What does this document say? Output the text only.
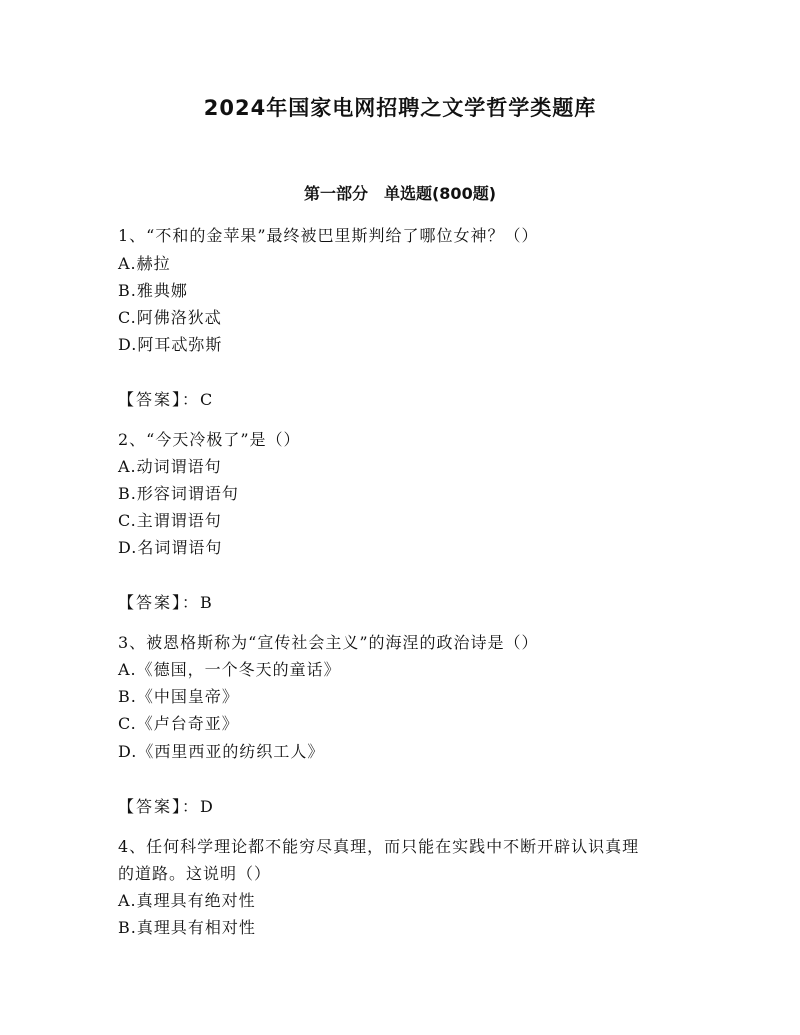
2024年国家电网招聘之文学哲学类题库
第一部分　单选题(800题)

1、“不和的金苹果”最终被巴里斯判给了哪位女神？（）

A.赫拉

B.雅典娜

C.阿佛洛狄忒

D.阿耳忒弥斯

【答案】：C

2、“今天冷极了”是（）

A.动词谓语句

B.形容词谓语句

C.主谓谓语句

D.名词谓语句

【答案】：B

3、被恩格斯称为“宣传社会主义”的海涅的政治诗是（）

A.《德国，一个冬天的童话》

B.《中国皇帝》

C.《卢台奇亚》

D.《西里西亚的纺织工人》

【答案】：D

4、任何科学理论都不能穷尽真理，而只能在实践中不断开辟认识真理

的道路。这说明（）

A.真理具有绝对性

B.真理具有相对性
